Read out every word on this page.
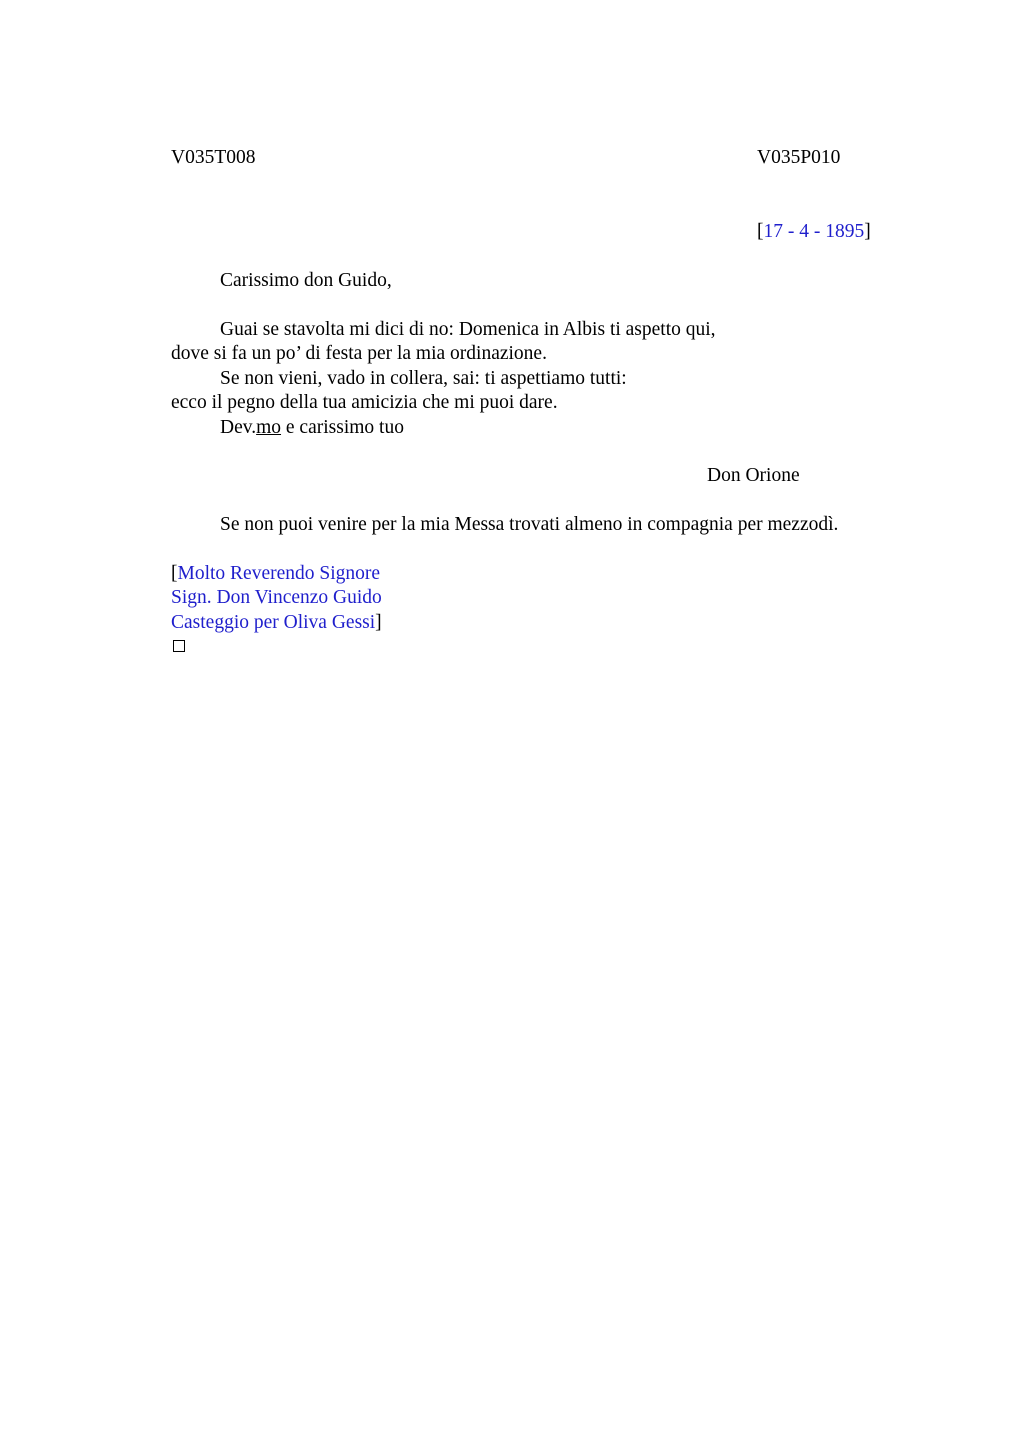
V035T008	V035P010
[17 - 4 - 1895]
Carissimo don Guido,
Guai se stavolta mi dici di no: Domenica in Albis ti aspetto qui,
dove si fa un po’ di festa per la mia ordinazione.
Se non vieni, vado in collera, sai: ti aspettiamo tutti:
ecco il pegno della tua amicizia che mi puoi dare.
Dev.mo e carissimo tuo
Don Orione
Se non puoi venire per la mia Messa trovati almeno in compagnia per mezzodì.
[Molto Reverendo Signore
Sign. Don Vincenzo Guido
Casteggio per Oliva Gessi]
